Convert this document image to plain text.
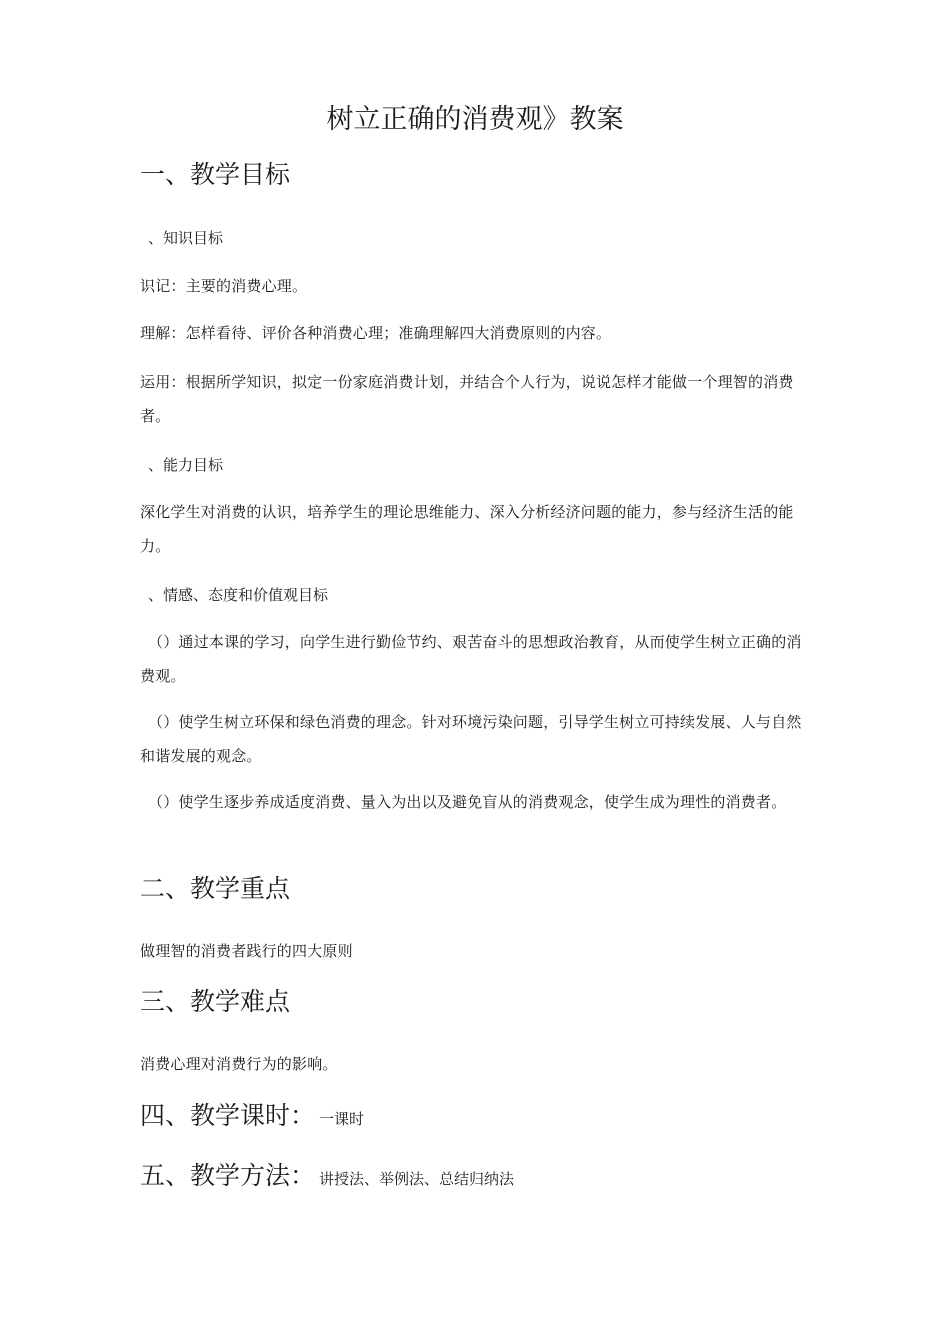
树立正确的消费观》教案
一、教学目标

、知识目标

识记：主要的消费心理。

理解：怎样看待、评价各种消费心理；准确理解四大消费原则的内容。

运用：根据所学知识，拟定一份家庭消费计划，并结合个人行为，说说怎样才能做一个理智的消费者。

、能力目标

深化学生对消费的认识，培养学生的理论思维能力、深入分析经济问题的能力，参与经济生活的能力。

、情感、态度和价值观目标

（）通过本课的学习，向学生进行勤俭节约、艰苦奋斗的思想政治教育，从而使学生树立正确的消费观。

（）使学生树立环保和绿色消费的理念。针对环境污染问题，引导学生树立可持续发展、人与自然和谐发展的观念。

（）使学生逐步养成适度消费、量入为出以及避免盲从的消费观念，使学生成为理性的消费者。

二、教学重点

做理智的消费者践行的四大原则

三、教学难点

消费心理对消费行为的影响。

四、教学课时： 一课时
五、教学方法： 讲授法、举例法、总结归纳法
